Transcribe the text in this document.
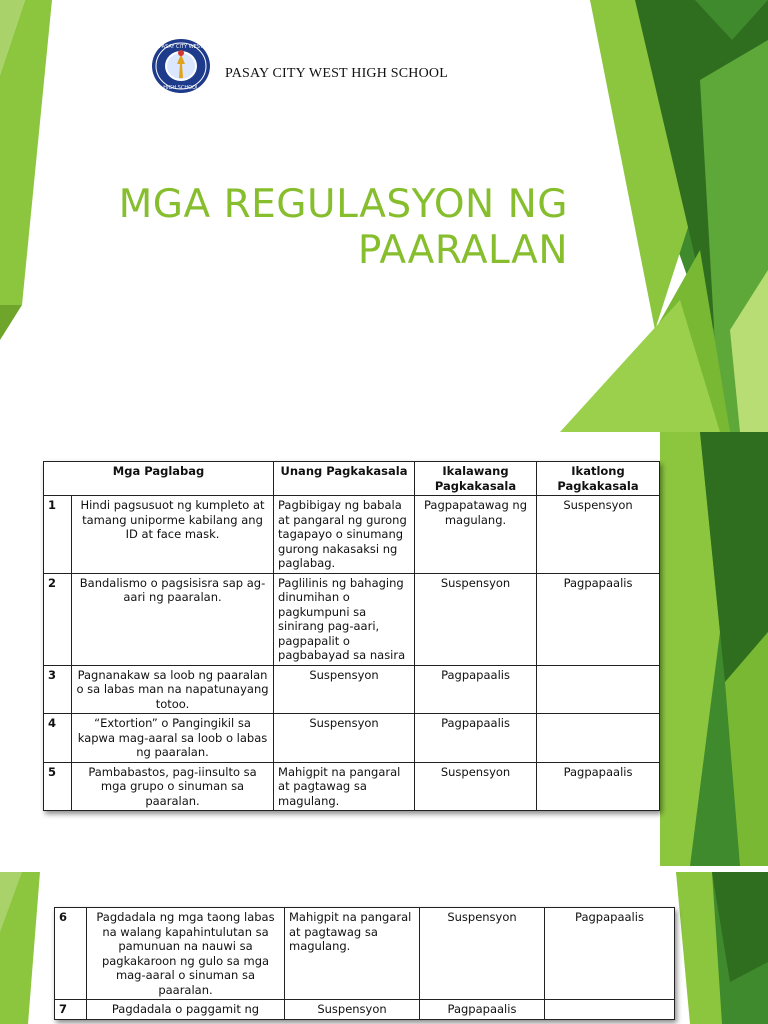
PASAY CITY WEST
HIGH SCHOOL
PASAY CITY WEST HIGH SCHOOL
MGA REGULASYON NG
PAARALAN
Mga Paglabag		Unang Pagkakasala	Ikalawang Pagkakasala	Ikatlong Pagkakasala
1	Hindi pagsusuot ng kumpleto at tamang uniporme kabilang ang ID at face mask.	Pagbibigay ng babala at pangaral ng gurong tagapayo o sinumang gurong nakasaksi ng paglabag.	Pagpapatawag ng magulang.	Suspensyon
2	Bandalismo o pagsisisra sap ag-aari ng paaralan.	Paglilinis ng bahaging dinumihan o pagkumpuni sa sinirang pag-aari, pagpapalit o pagbabayad sa nasira	Suspensyon	Pagpapaalis
3	Pagnanakaw sa loob ng paaralan o sa labas man na napatunayang totoo.	Suspensyon	Pagpapaalis	
4	“Extortion” o Pangingikil sa kapwa mag-aaral sa loob o labas ng paaralan.	Suspensyon	Pagpapaalis	
5	Pambabastos, pag-iinsulto sa mga grupo o sinuman sa paaralan.	Mahigpit na pangaral at pagtawag sa magulang.	Suspensyon	Pagpapaalis
6	Pagdadala ng mga taong labas na walang kapahintulutan sa pamunuan na nauwi sa pagkakaroon ng gulo sa mga mag-aaral o sinuman sa paaralan.	Mahigpit na pangaral at pagtawag sa magulang.	Suspensyon	Pagpapaalis
7	Pagdadala o paggamit ng	Suspensyon	Pagpapaalis	
